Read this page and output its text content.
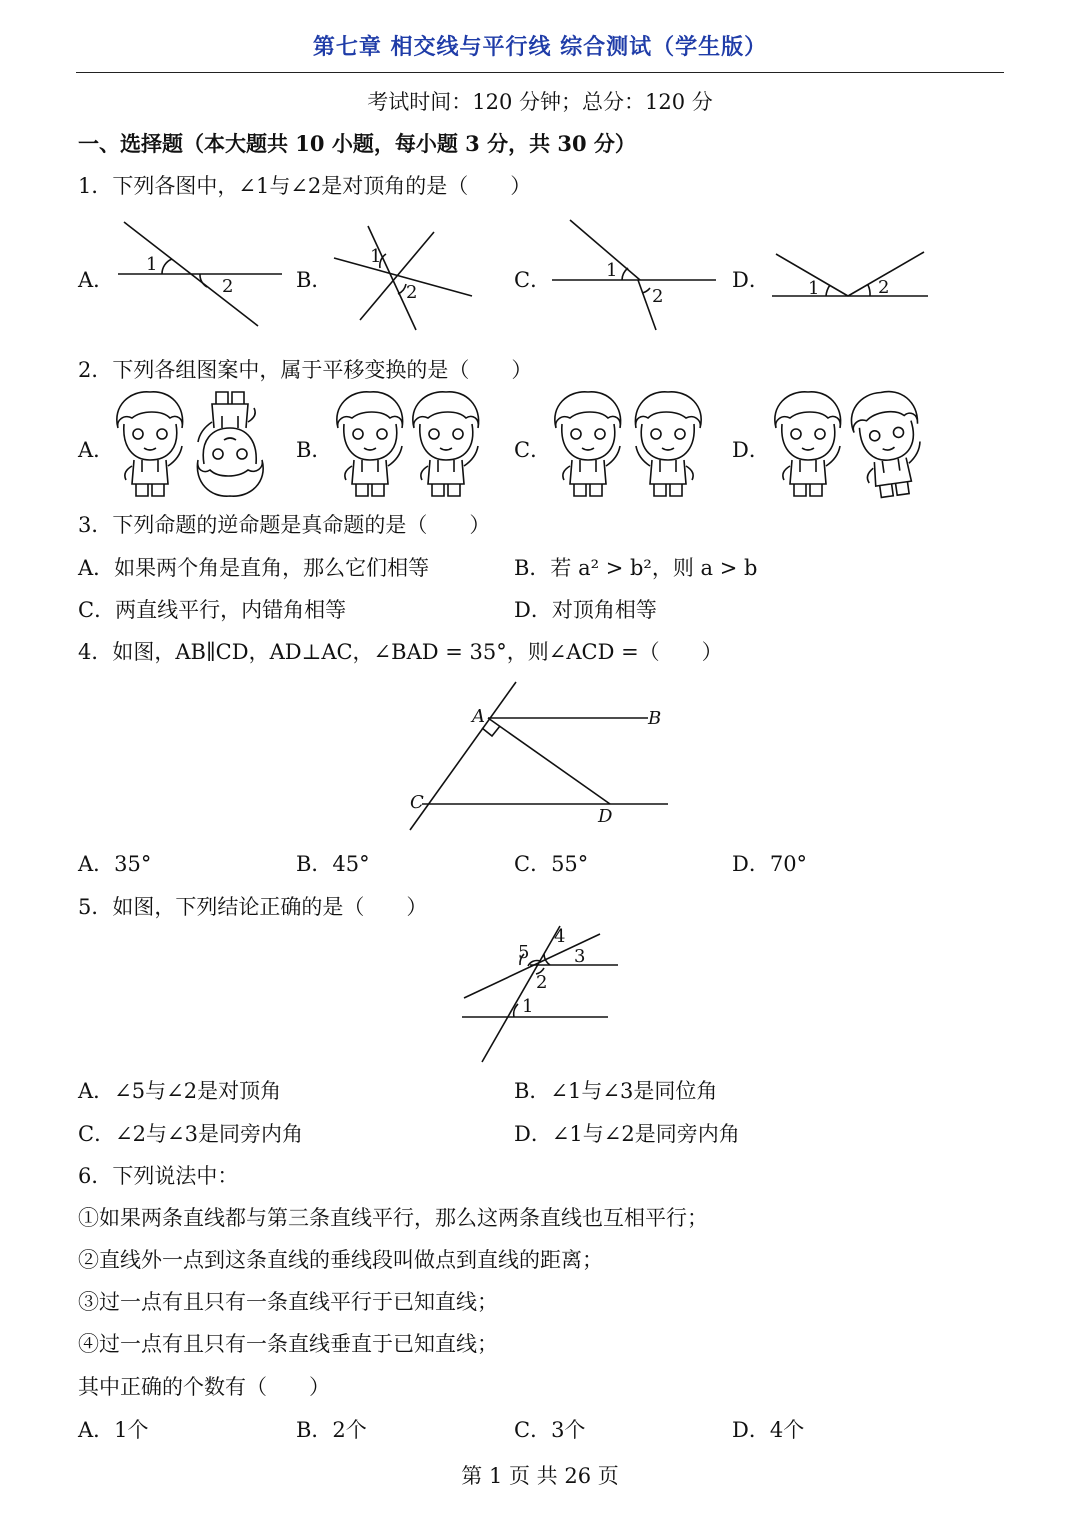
第七章 相交线与平行线 综合测试（学生版）
考试时间：120 分钟；总分：120 分
一、选择题（本大题共 10 小题，每小题 3 分，共 30 分）
1．下列各图中，∠1与∠2是对顶角的是（　　）
A．	B．	C．	D．
1
2
1
2
1
2	1	2
2．下列各组图案中，属于平移变换的是（　　）
A．	B．	C．	D．
3．下列命题的逆命题是真命题的是（　　）
A．如果两个角是直角，那么它们相等	B．若 a² > b²，则 a > b
C．两直线平行，内错角相等	D．对顶角相等
4．如图，AB∥CD，AD⊥AC，∠BAD = 35°，则∠ACD =（　　）
A	B
C
D
A．35°	B．45°	C．55°	D．70°
5．如图，下列结论正确的是（　　）
1
2
3
4
5
A．∠5与∠2是对顶角	B．∠1与∠3是同位角
C．∠2与∠3是同旁内角	D．∠1与∠2是同旁内角
6．下列说法中：
①如果两条直线都与第三条直线平行，那么这两条直线也互相平行；
②直线外一点到这条直线的垂线段叫做点到直线的距离；
③过一点有且只有一条直线平行于已知直线；
④过一点有且只有一条直线垂直于已知直线；
其中正确的个数有（　　）
A．1个	B．2个	C．3个	D．4个
第 1 页 共 26 页
